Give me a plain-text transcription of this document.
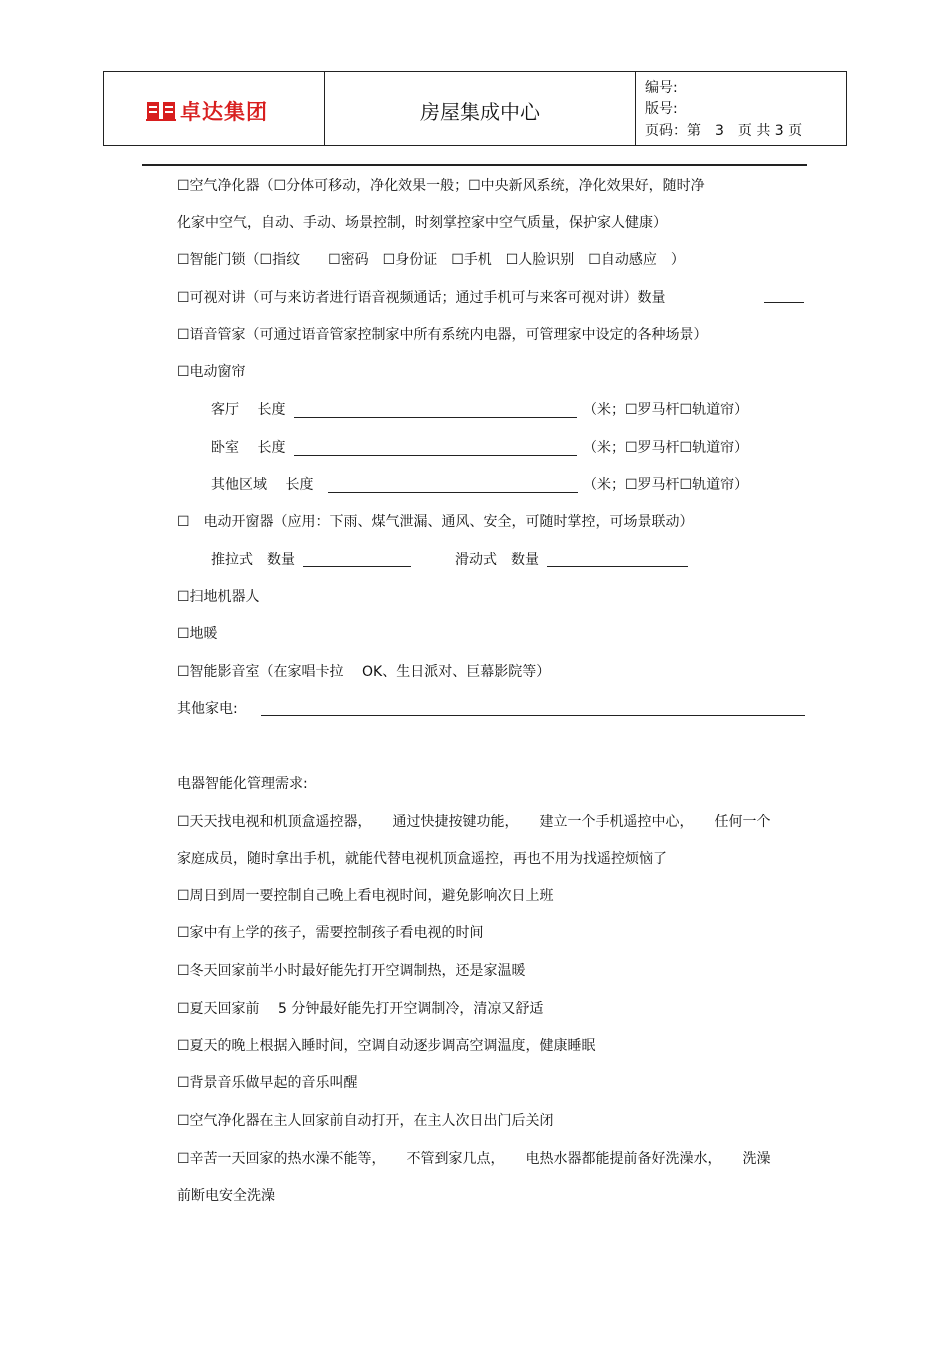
卓达集团	房屋集成中心
编号:
版号:
页码：第　3　页 共 3 页
☐空气净化器（☐分体可移动，净化效果一般；☐中央新风系统，净化效果好，随时净
化家中空气，自动、手动、场景控制，时刻掌控家中空气质量，保护家人健康）
☐智能门锁（☐指纹　　☐密码　☐身份证　☐手机　☐人脸识别　☐自动感应　）
☐可视对讲（可与来访者进行语音视频通话；通过手机可与来客可视对讲）数量
☐语音管家（可通过语音管家控制家中所有系统内电器，可管理家中设定的各种场景）
☐电动窗帘
客厅　 长度	（米；☐罗马杆☐轨道帘）
卧室　 长度	（米；☐罗马杆☐轨道帘）
其他区域　 长度	（米；☐罗马杆☐轨道帘）
☐　电动开窗器（应用：下雨、煤气泄漏、通风、安全，可随时掌控，可场景联动）
推拉式　数量	滑动式　数量
☐扫地机器人
☐地暖
☐智能影音室（在家唱卡拉　 OK、生日派对、巨幕影院等）
其他家电:
电器智能化管理需求:
☐天天找电视和机顶盒遥控器，　　通过快捷按键功能，　　建立一个手机遥控中心，　　任何一个
家庭成员，随时拿出手机，就能代替电视机顶盒遥控，再也不用为找遥控烦恼了
☐周日到周一要控制自己晚上看电视时间，避免影响次日上班
☐家中有上学的孩子，需要控制孩子看电视的时间
☐冬天回家前半小时最好能先打开空调制热，还是家温暖
☐夏天回家前　 5 分钟最好能先打开空调制冷，清凉又舒适
☐夏天的晚上根据入睡时间，空调自动逐步调高空调温度，健康睡眠
☐背景音乐做早起的音乐叫醒
☐空气净化器在主人回家前自动打开，在主人次日出门后关闭
☐辛苦一天回家的热水澡不能等，　　不管到家几点，　　电热水器都能提前备好洗澡水，　　洗澡
前断电安全洗澡
